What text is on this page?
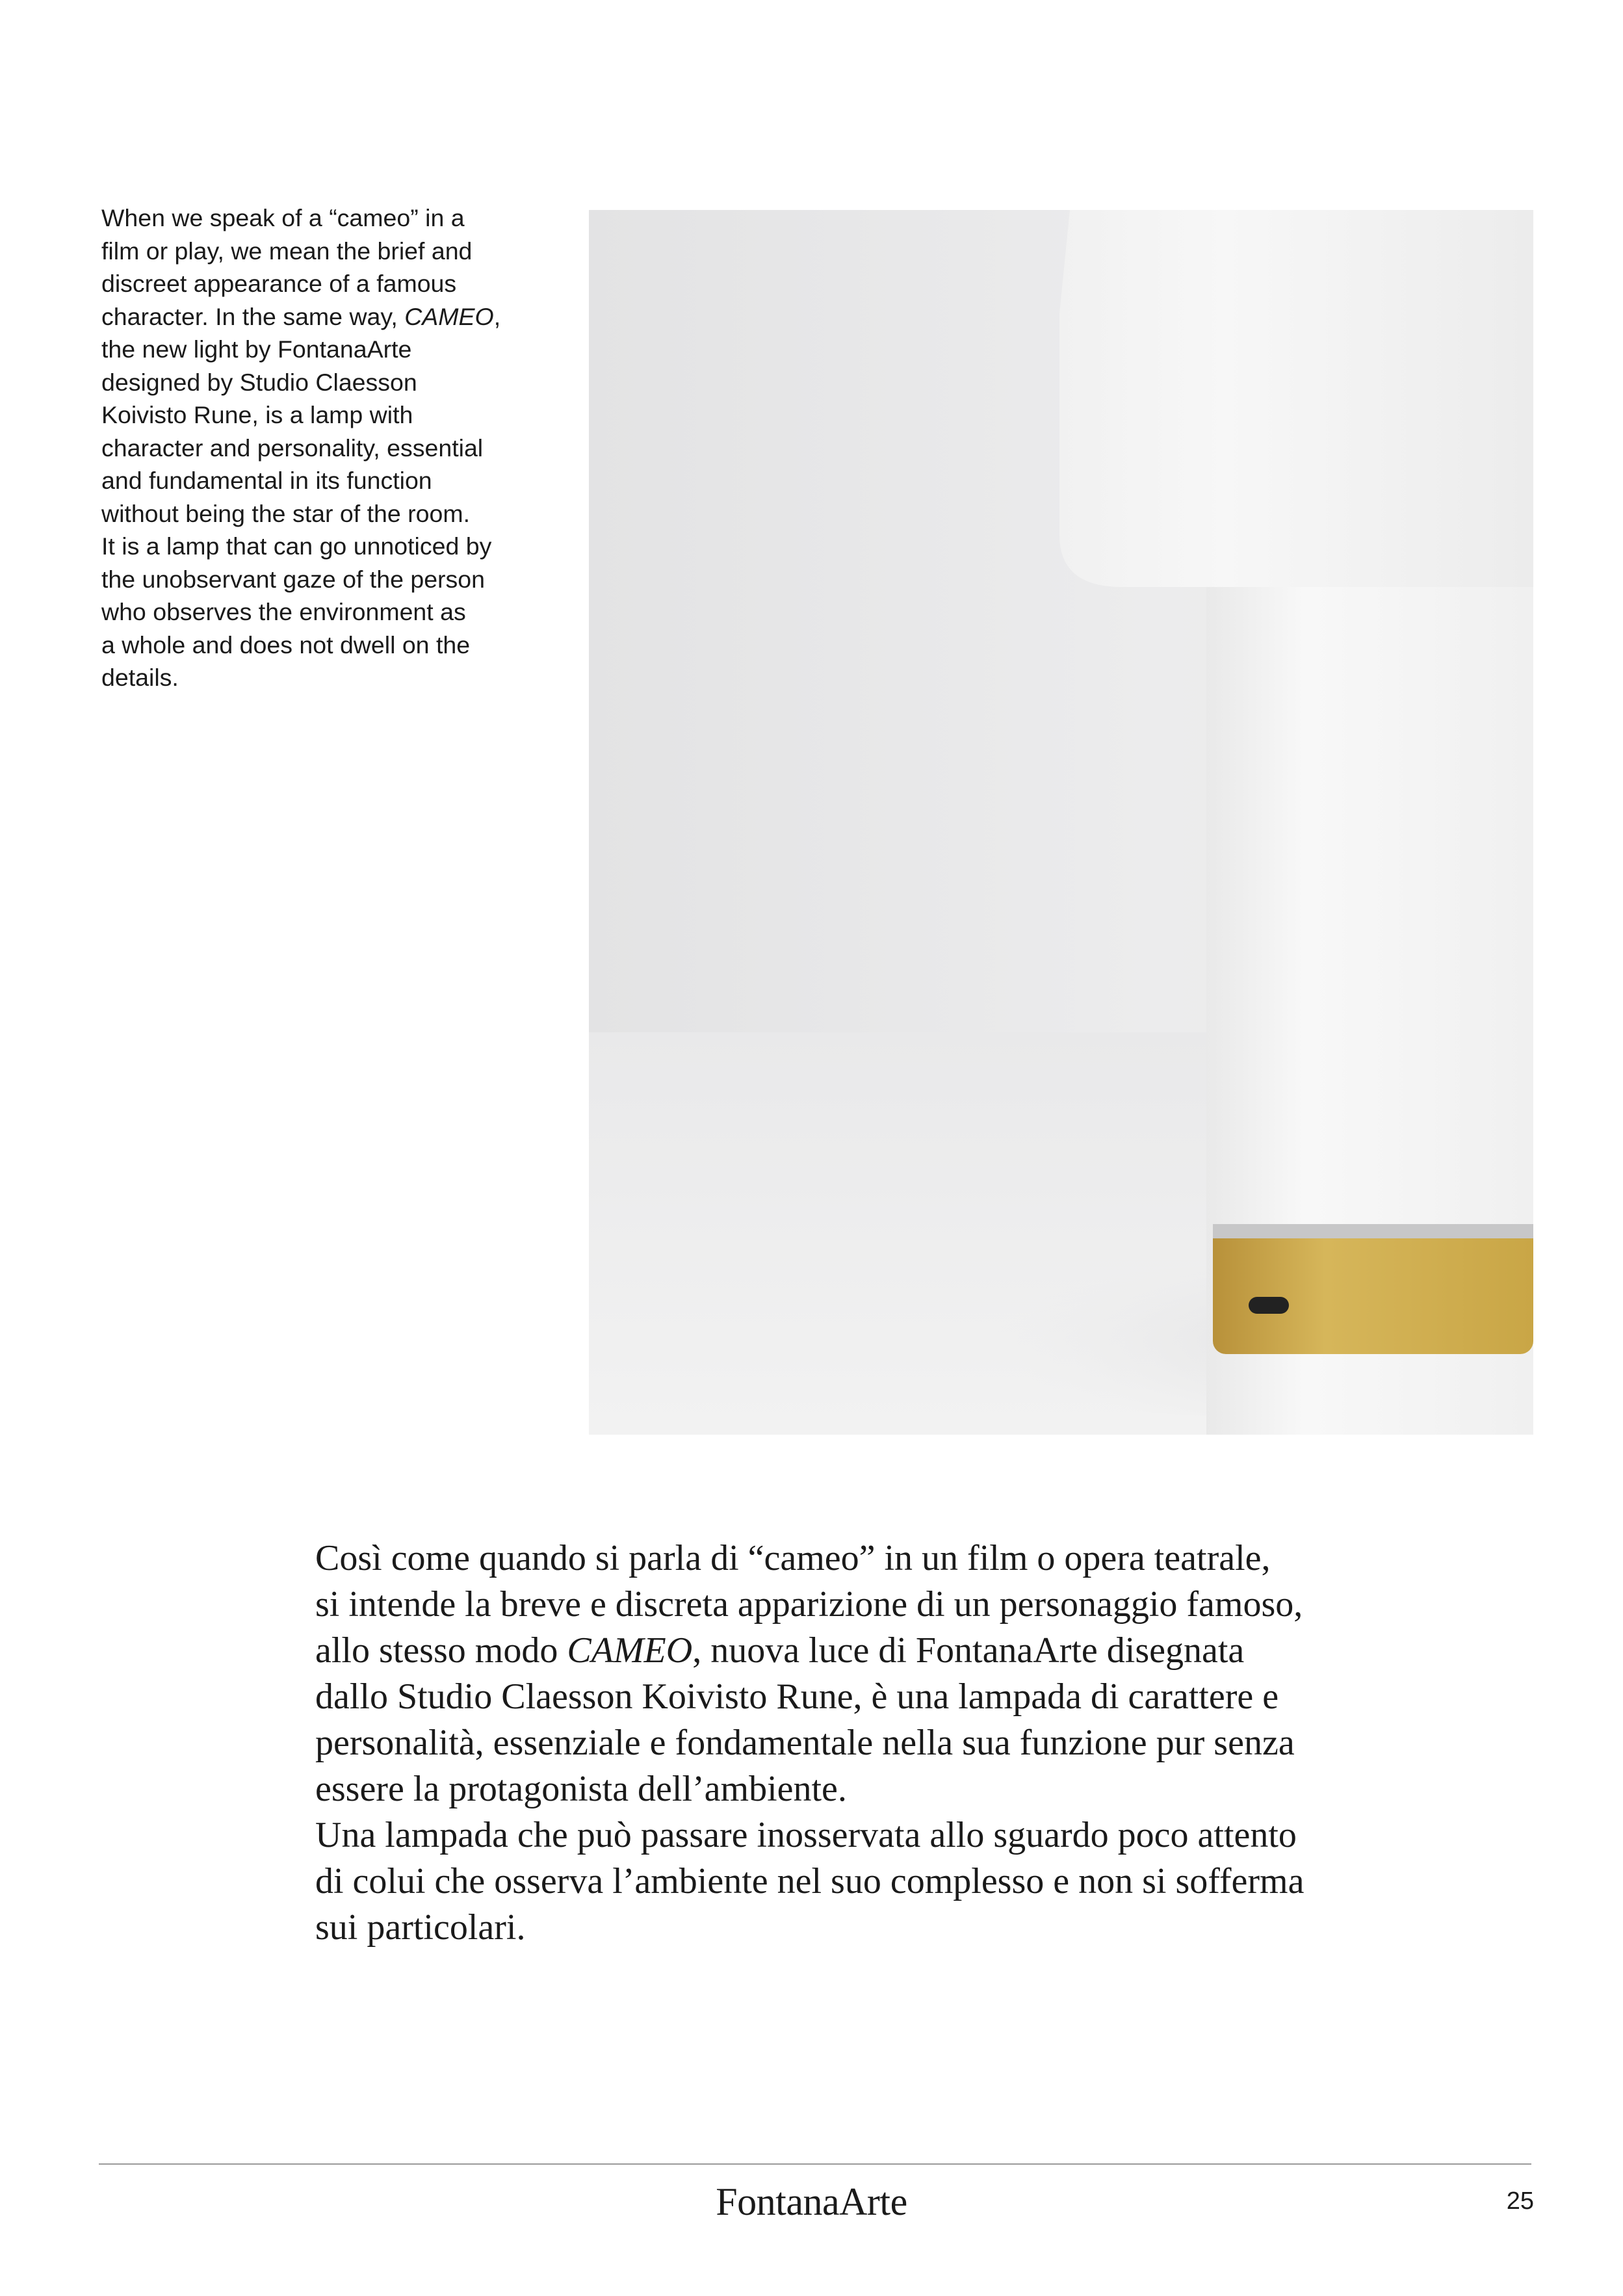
When we speak of a “cameo” in a
film or play, we mean the brief and
discreet appearance of a famous
character. In the same way, CAMEO,
the new light by FontanaArte
designed by Studio Claesson
Koivisto Rune, is a lamp with
character and personality, essential
and fundamental in its function
without being the star of the room.
It is a lamp that can go unnoticed by
the unobservant gaze of the person
who observes the environment as
a whole and does not dwell on the
details.

Così come quando si parla di “cameo” in un film o opera teatrale,
si intende la breve e discreta apparizione di un personaggio famoso,
allo stesso modo CAMEO, nuova luce di FontanaArte disegnata
dallo Studio Claesson Koivisto Rune, è una lampada di carattere e
personalità, essenziale e fondamentale nella sua funzione pur senza
essere la protagonista dell’ambiente.
Una lampada che può passare inosservata allo sguardo poco attento
di colui che osserva l’ambiente nel suo complesso e non si sofferma
sui particolari.

FontanaArte	25
